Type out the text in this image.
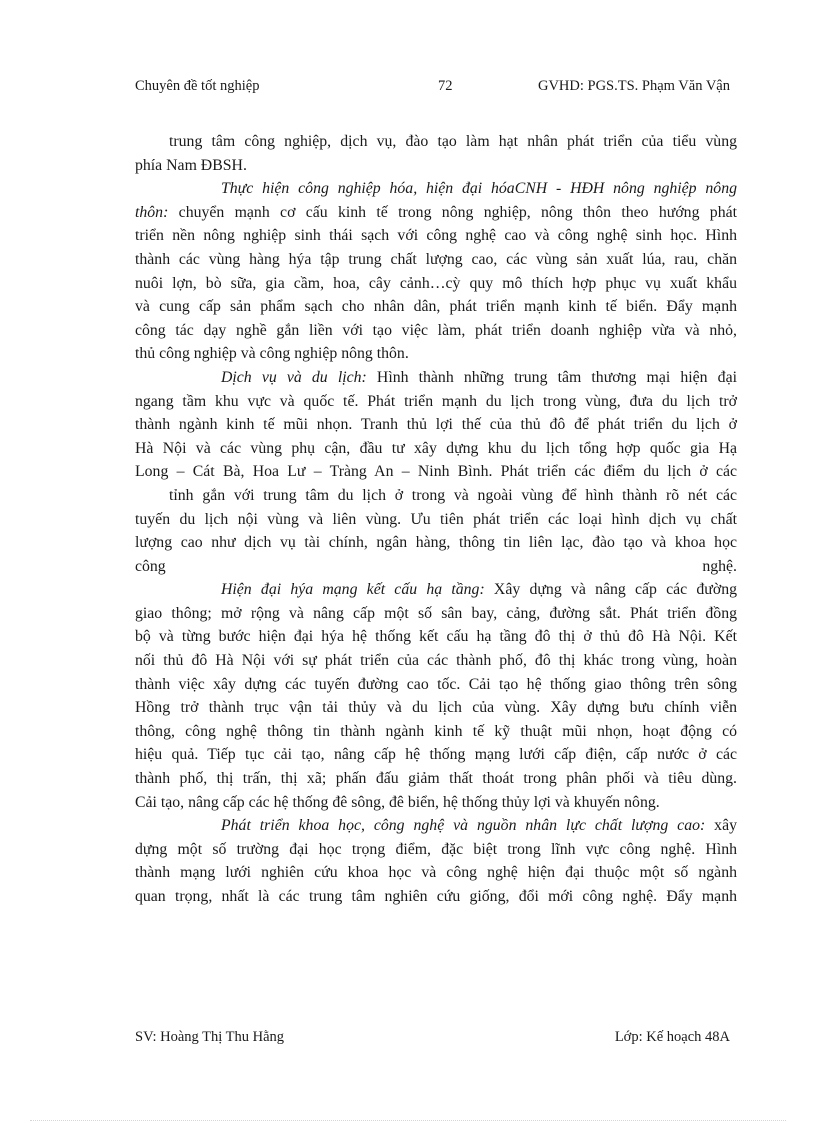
Chuyên đề tốt nghiệp	72	GVHD: PGS.TS. Phạm Văn Vận
trung tâm công nghiệp, dịch vụ, đào tạo làm hạt nhân phát triển của tiểu vùng
phía Nam ĐBSH.
Thực hiện công nghiệp hóa, hiện đại hóaCNH - HĐH nông nghiệp nông
thôn: chuyển mạnh cơ cấu kinh tế trong nông nghiệp, nông thôn theo hướng phát
triển nền nông nghiệp sinh thái sạch với công nghệ cao và công nghệ sinh học. Hình
thành các vùng hàng hýa tập trung chất lượng cao, các vùng sản xuất lúa, rau, chăn
nuôi lợn, bò sữa, gia cầm, hoa, cây cảnh…cỳ quy mô thích hợp phục vụ xuất khẩu
và cung cấp sản phẩm sạch cho nhân dân, phát triển mạnh kinh tế biển. Đẩy mạnh
công tác dạy nghề gắn liền với tạo việc làm, phát triển doanh nghiệp vừa và nhỏ,
thủ công nghiệp và công nghiệp nông thôn.
Dịch vụ và du lịch: Hình thành những trung tâm thương mại hiện đại
ngang tầm khu vực và quốc tế. Phát triển mạnh du lịch trong vùng, đưa du lịch trở
thành ngành kinh tế mũi nhọn. Tranh thủ lợi thế của thủ đô để phát triển du lịch ở
Hà Nội và các vùng phụ cận, đầu tư xây dựng khu du lịch tổng hợp quốc gia Hạ
Long – Cát Bà, Hoa Lư – Tràng An – Ninh Bình. Phát triển các điểm du lịch ở các
tỉnh gắn với trung tâm du lịch ở trong và ngoài vùng để hình thành rõ nét các
tuyến du lịch nội vùng và liên vùng. Ưu tiên phát triển các loại hình dịch vụ chất
lượng cao như dịch vụ tài chính, ngân hàng, thông tin liên lạc, đào tạo và khoa học
công	nghệ.
Hiện đại hýa mạng kết cấu hạ tầng: Xây dựng và nâng cấp các đường
giao thông; mở rộng và nâng cấp một số sân bay, cảng, đường sắt. Phát triển đồng
bộ và từng bước hiện đại hýa hệ thống kết cấu hạ tầng đô thị ở thủ đô Hà Nội. Kết
nối thủ đô Hà Nội với sự phát triển của các thành phố, đô thị khác trong vùng, hoàn
thành việc xây dựng các tuyến đường cao tốc. Cải tạo hệ thống giao thông trên sông
Hồng trở thành trục vận tải thủy và du lịch của vùng. Xây dựng bưu chính viễn
thông, công nghệ thông tin thành ngành kinh tế kỹ thuật mũi nhọn, hoạt động có
hiệu quả. Tiếp tục cải tạo, nâng cấp hệ thống mạng lưới cấp điện, cấp nước ở các
thành phố, thị trấn, thị xã; phấn đấu giảm thất thoát trong phân phối và tiêu dùng.
Cải tạo, nâng cấp các hệ thống đê sông, đê biển, hệ thống thủy lợi và khuyến nông.
Phát triển khoa học, công nghệ và nguồn nhân lực chất lượng cao: xây
dựng một số trường đại học trọng điểm, đặc biệt trong lĩnh vực công nghệ. Hình
thành mạng lưới nghiên cứu khoa học và công nghệ hiện đại thuộc một số ngành
quan trọng, nhất là các trung tâm nghiên cứu giống, đổi mới công nghệ. Đẩy mạnh
SV: Hoàng Thị Thu Hằng	Lớp: Kế hoạch 48A
